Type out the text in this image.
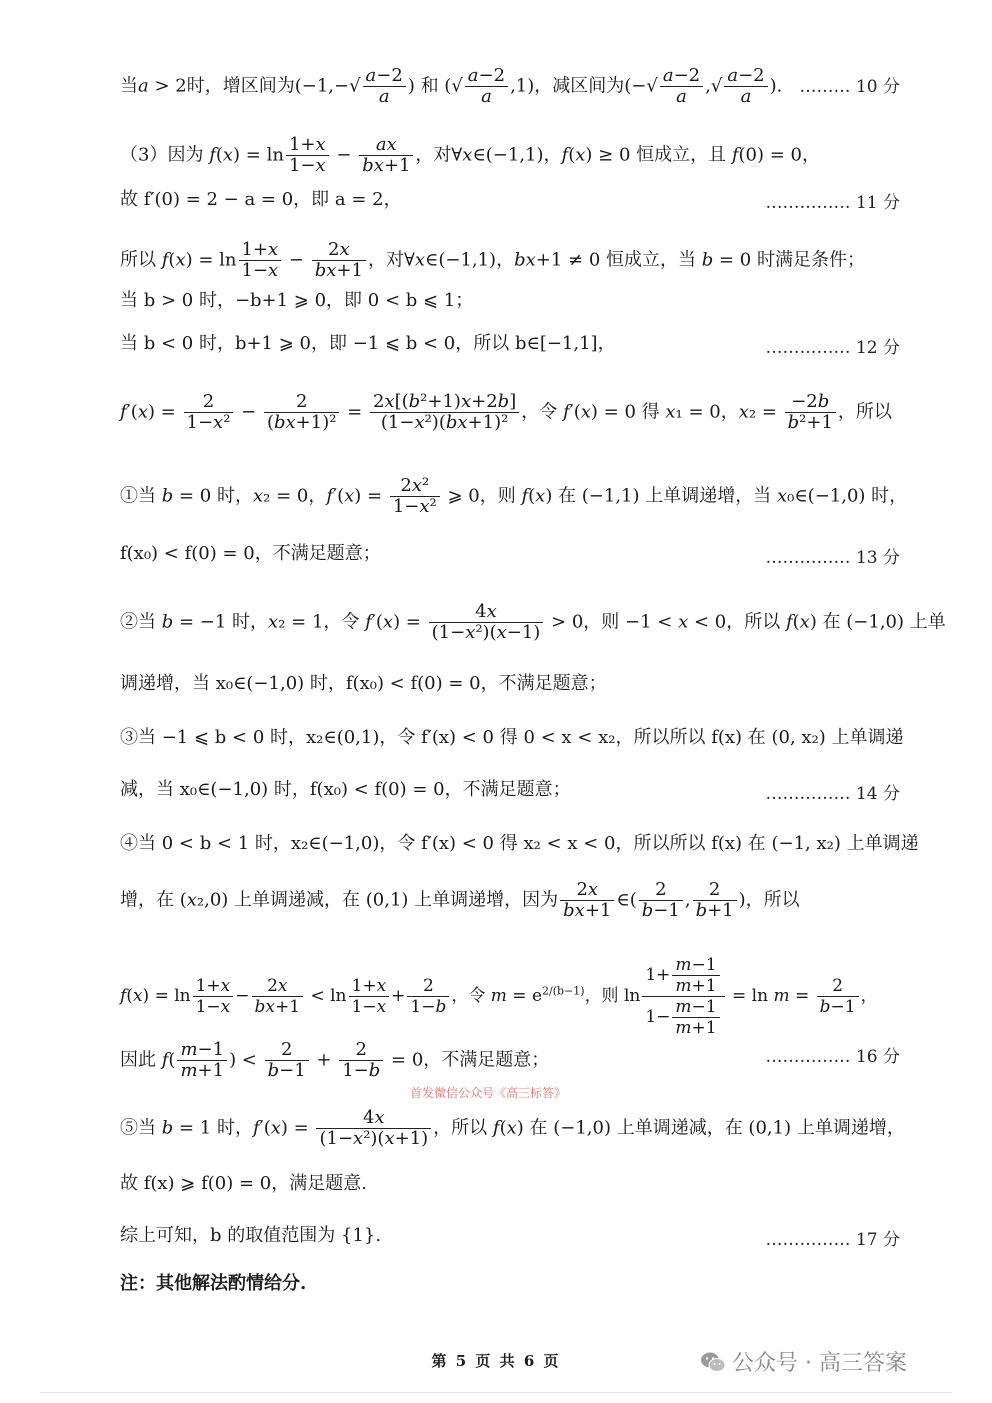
当a > 2时，增区间为($-1,-√ \frac{a-2}{a}$ ) 和 (√ $\frac{a-2}{a} ,1$)，减区间为(−√ $\frac{a-2}{a}$ ,√ $\frac{a-2}{a}$ ).	……… 10 分
（3）因为 $f(x) = \ln \frac{1+x}{1-x} - \frac{ax}{bx+1}$ ，对∀x∈(−1,1)，f(x) ≥ 0 恒成立，且 f(0) = 0，
故 f′(0) = 2 − a = 0，即 a = 2，	…………… 11 分
所以 $f(x) = \ln \frac{1+x}{1-x} - \frac{2x}{bx+1}$ ，对∀x∈(−1,1)，bx+1 ≠ 0 恒成立，当 b = 0 时满足条件；
当 b > 0 时，−b+1 ⩾ 0，即 0 < b ⩽ 1；
当 b < 0 时，b+1 ⩾ 0，即 −1 ⩽ b < 0，所以 b∈[−1,1]，	…………… 12 分
$f'(x) = \frac{2}{\text{1−x²}} - \frac{2}{\text{(bx+1)²}} = \frac{\text{2x[(b²+1)x+2b]}}{\text{(1−x²)(bx+1)²}}$ ，令 f′(x) = 0 得 x₁ = 0，$x_2 = \frac{-2b}{\text{b²+1}}$ ，所以
①当 b = 0 时，x₂ = 0，$f'(x) = \frac{\text{2x²}}{\text{1−x²}}$ ⩾ 0，则 f(x) 在 (−1,1) 上单调递增，当 x₀∈(−1,0) 时，
f(x₀) < f(0) = 0，不满足题意；	…………… 13 分
②当 b = −1 时，x₂ = 1，令 $f'(x) = \frac{4x}{\text{(1−x²)(x−1)}} > 0$，则 −1 < x < 0，所以 f(x) 在 (−1,0) 上单
调递增，当 x₀∈(−1,0) 时，f(x₀) < f(0) = 0，不满足题意；
③当 −1 ⩽ b < 0 时，x₂∈(0,1)，令 f′(x) < 0 得 0 < x < x₂，所以所以 f(x) 在 (0, x₂) 上单调递
减，当 x₀∈(−1,0) 时，f(x₀) < f(0) = 0，不满足题意；	…………… 14 分
④当 0 < b < 1 时，x₂∈(−1,0)，令 f′(x) < 0 得 x₂ < x < 0，所以所以 f(x) 在 (−1, x₂) 上单调递
增，在 (x₂,0) 上单调递减，在 (0,1) 上单调递增，因为 $\frac{2x}{bx+1}$ ∈( $\frac{2}{b-1}$ , $\frac{2}{b+1}$ )，所以
$f(x) = \ln \frac{1+x}{1-x} - \frac{2x}{bx+1} < \ln \frac{1+x}{1-x} + \frac{2}{1-b}$ ，令 $m = e^{2/(b-1)}$，则 $\ln \frac{1+ \frac{m-1}{m+1}}{1- \frac{m-1}{m+1}} = \ln m = \frac{2}{b-1}$ ，
因此 $f( \frac{m-1}{m+1}$ ) < $\frac{2}{b-1} + \frac{2}{1-b} = 0$，不满足题意；	…………… 16 分
首发微信公众号《高三标答》
⑤当 b = 1 时，$f'(x) = \frac{4x}{\text{(1−x²)(x+1)}}$ ，所以 f(x) 在 (−1,0) 上单调递减，在 (0,1) 上单调递增，
故 f(x) ⩾ f(0) = 0，满足题意.
综上可知，b 的取值范围为 {1}.	…………… 17 分
注：其他解法酌情给分.
第 5 页 共 6 页	公众号 · 高三答案
